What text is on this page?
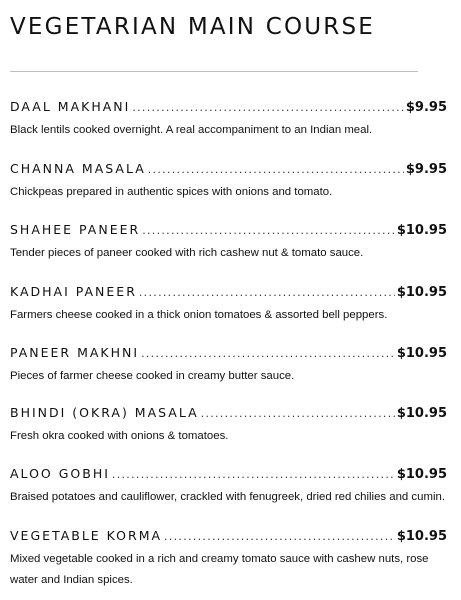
VEGETARIAN MAIN COURSE
DAAL MAKHANI .....	$9.95
Black lentils cooked overnight. A real accompaniment to an Indian meal.
CHANNA MASALA .....	$9.95
Chickpeas prepared in authentic spices with onions and tomato.
SHAHEE PANEER .....	$10.95
Tender pieces of paneer cooked with rich cashew nut & tomato sauce.
KADHAI PANEER .....	$10.95
Farmers cheese cooked in a thick onion tomatoes & assorted bell peppers.
PANEER MAKHNI .....	$10.95
Pieces of farmer cheese cooked in creamy butter sauce.
BHINDI (OKRA) MASALA .....	$10.95
Fresh okra cooked with onions & tomatoes.
ALOO GOBHI .....	$10.95
Braised potatoes and cauliflower, crackled with fenugreek, dried red chilies and cumin.
VEGETABLE KORMA .....	$10.95
Mixed vegetable cooked in a rich and creamy tomato sauce with cashew nuts, rose water and Indian spices.
